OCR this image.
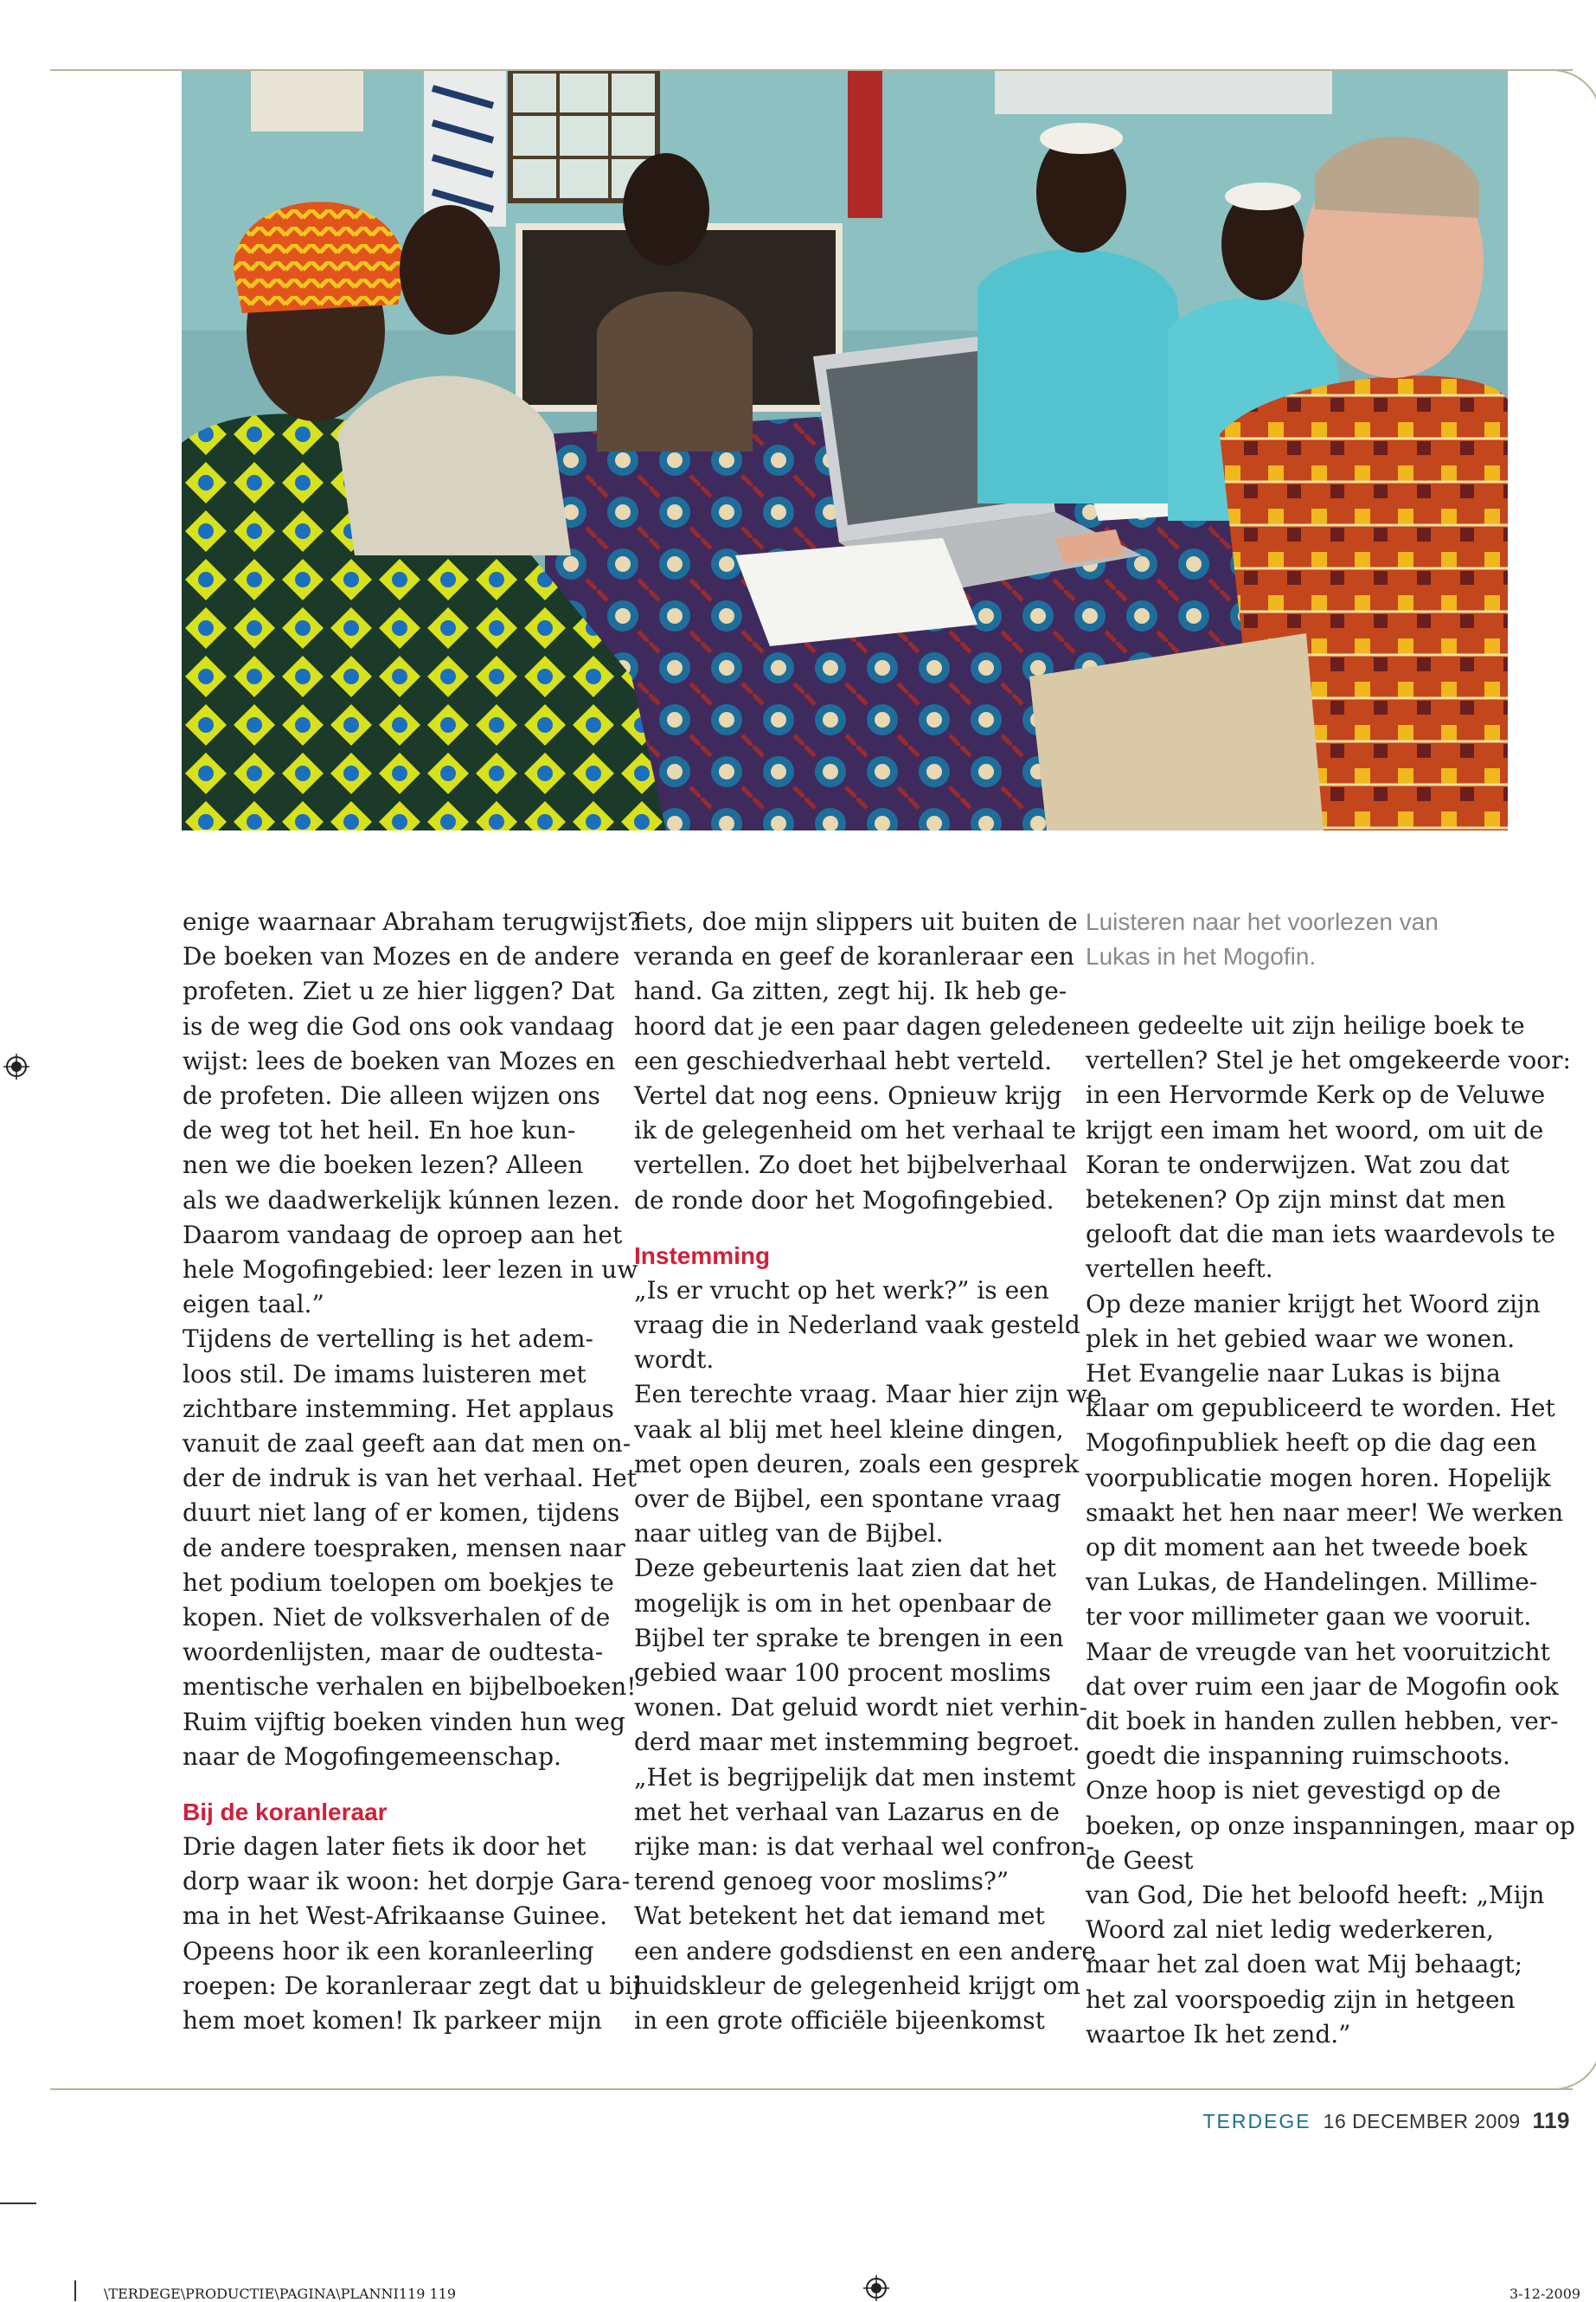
enige waarnaar Abraham terugwijst?
De boeken van Mozes en de andere
profeten. Ziet u ze hier liggen? Dat
is de weg die God ons ook vandaag
wijst: lees de boeken van Mozes en
de profeten. Die alleen wijzen ons
de weg tot het heil. En hoe kun-
nen we die boeken lezen? Alleen
als we daadwerkelijk kúnnen lezen.
Daarom vandaag de oproep aan het
hele Mogofingebied: leer lezen in uw
eigen taal.”

Tijdens de vertelling is het adem-
loos stil. De imams luisteren met
zichtbare instemming. Het applaus
vanuit de zaal geeft aan dat men on-
der de indruk is van het verhaal. Het
duurt niet lang of er komen, tijdens
de andere toespraken, mensen naar
het podium toelopen om boekjes te
kopen. Niet de volksverhalen of de
woordenlijsten, maar de oudtesta-
mentische verhalen en bijbelboeken!
Ruim vijftig boeken vinden hun weg
naar de Mogofingemeenschap.

Bij de koranleraar

Drie dagen later fiets ik door het
dorp waar ik woon: het dorpje Gara-
ma in het West-Afrikaanse Guinee.
Opeens hoor ik een koranleerling
roepen: De koranleraar zegt dat u bij
hem moet komen! Ik parkeer mijn

fiets, doe mijn slippers uit buiten de
veranda en geef de koranleraar een
hand. Ga zitten, zegt hij. Ik heb ge-
hoord dat je een paar dagen geleden
een geschiedverhaal hebt verteld.
Vertel dat nog eens. Opnieuw krijg
ik de gelegenheid om het verhaal te
vertellen. Zo doet het bijbelverhaal
de ronde door het Mogofingebied.

Instemming

„Is er vrucht op het werk?” is een
vraag die in Nederland vaak gesteld
wordt.

Een terechte vraag. Maar hier zijn we
vaak al blij met heel kleine dingen,
met open deuren, zoals een gesprek
over de Bijbel, een spontane vraag
naar uitleg van de Bijbel.

Deze gebeurtenis laat zien dat het
mogelijk is om in het openbaar de
Bijbel ter sprake te brengen in een
gebied waar 100 procent moslims
wonen. Dat geluid wordt niet verhin-
derd maar met instemming begroet.
„Het is begrijpelijk dat men instemt
met het verhaal van Lazarus en de
rijke man: is dat verhaal wel confron-
terend genoeg voor moslims?”

Wat betekent het dat iemand met
een andere godsdienst en een andere
huidskleur de gelegenheid krijgt om
in een grote officiële bijeenkomst

Luisteren naar het voorlezen van
Lukas in het Mogofin.

een gedeelte uit zijn heilige boek te
vertellen? Stel je het omgekeerde voor:
in een Hervormde Kerk op de Veluwe
krijgt een imam het woord, om uit de
Koran te onderwijzen. Wat zou dat
betekenen? Op zijn minst dat men
gelooft dat die man iets waardevols te
vertellen heeft.

Op deze manier krijgt het Woord zijn
plek in het gebied waar we wonen.
Het Evangelie naar Lukas is bijna
klaar om gepubliceerd te worden. Het
Mogofinpubliek heeft op die dag een
voorpublicatie mogen horen. Hopelijk
smaakt het hen naar meer! We werken
op dit moment aan het tweede boek
van Lukas, de Handelingen. Millime-
ter voor millimeter gaan we vooruit.

Maar de vreugde van het vooruitzicht
dat over ruim een jaar de Mogofin ook
dit boek in handen zullen hebben, ver-
goedt die inspanning ruimschoots.
Onze hoop is niet gevestigd op de
boeken, op onze inspanningen, maar op de Geest
van God, Die het beloofd heeft: „Mijn
Woord zal niet ledig wederkeren,
maar het zal doen wat Mij behaagt;
het zal voorspoedig zijn in hetgeen
waartoe Ik het zend.”

TERDEGE 16 DECEMBER 2009 119
\TERDEGE\PRODUCTIE\PAGINA\PLANNI119 119	3-12-2009
